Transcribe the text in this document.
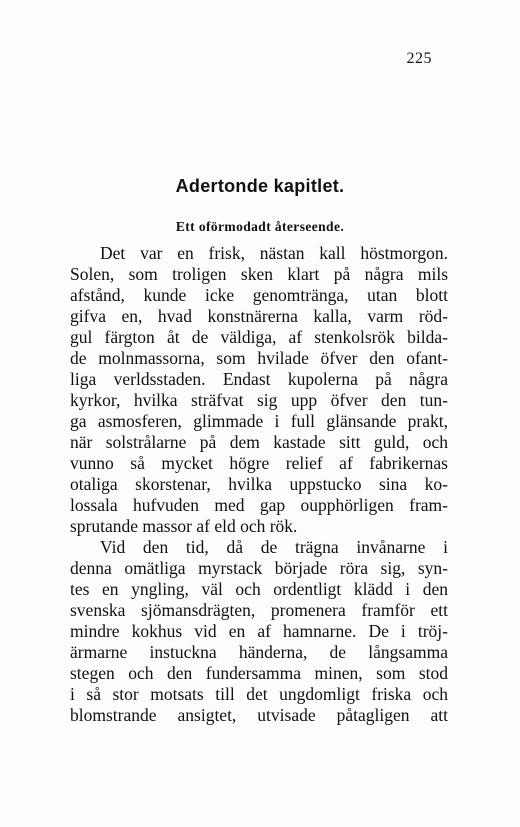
225
Adertonde kapitlet.
Ett oförmodadt återseende.
Det var en frisk, nästan kall höstmorgon.
Solen, som troligen sken klart på några mils
afstånd, kunde icke genomtränga, utan blott
gifva en, hvad konstnärerna kalla, varm röd-
gul färgton åt de väldiga, af stenkolsrök bilda-
de molnmassorna, som hvilade öfver den ofant-
liga verldsstaden. Endast kupolerna på några
kyrkor, hvilka sträfvat sig upp öfver den tun-
ga asmosferen, glimmade i full glänsande prakt,
när solstrålarne på dem kastade sitt guld, och
vunno så mycket högre relief af fabrikernas
otaliga skorstenar, hvilka uppstucko sina ko-
lossala hufvuden med gap oupphörligen fram-
sprutande massor af eld och rök.
Vid den tid, då de trägna invånarne i
denna omätliga myrstack började röra sig, syn-
tes en yngling, väl och ordentligt klädd i den
svenska sjömansdrägten, promenera framför ett
mindre kokhus vid en af hamnarne. De i tröj-
ärmarne instuckna händerna, de långsamma
stegen och den fundersamma minen, som stod
i så stor motsats till det ungdomligt friska och
blomstrande ansigtet, utvisade påtagligen att
